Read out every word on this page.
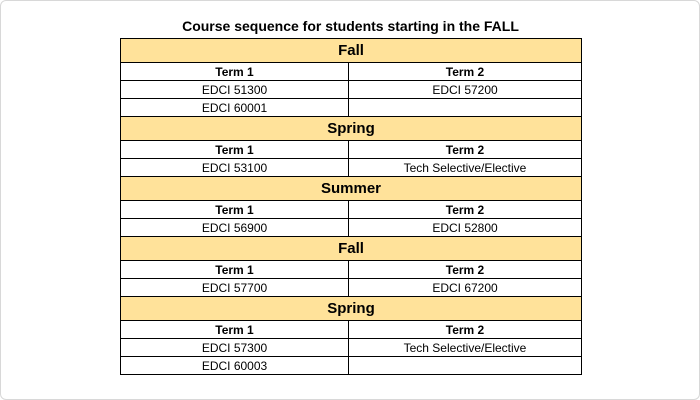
Course sequence for students starting in the FALL
Fall	
Term 1	Term 2
EDCI 51300	EDCI 57200
EDCI 60001	
Spring	
Term 1	Term 2
EDCI 53100	Tech Selective/Elective
Summer	
Term 1	Term 2
EDCI 56900	EDCI 52800
Fall	
Term 1	Term 2
EDCI 57700	EDCI 67200
Spring	
Term 1	Term 2
EDCI 57300	Tech Selective/Elective
EDCI 60003	
